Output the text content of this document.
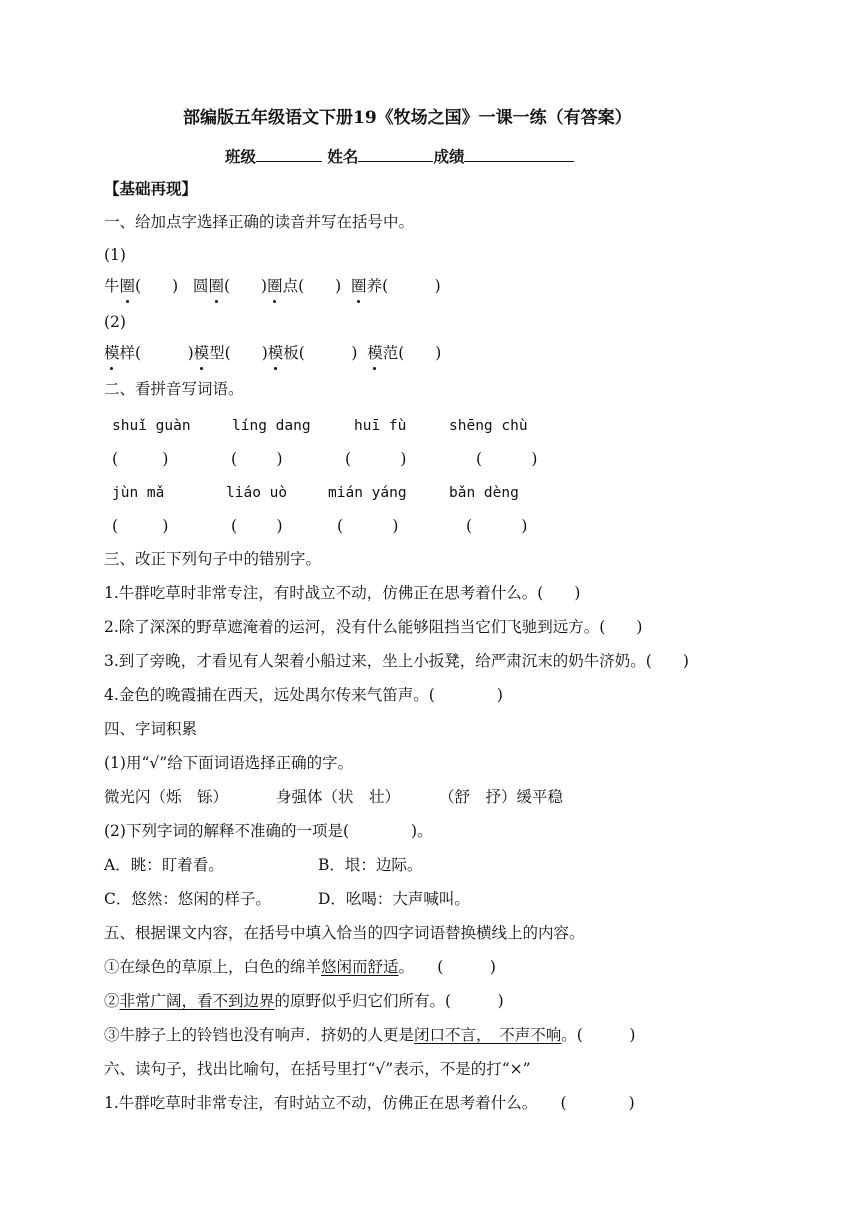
部编版五年级语文下册19《牧场之国》一课一练（有答案）
班级	姓名	成绩
【基础再现】
一、给加点字选择正确的读音并写在括号中。
(1)
牛圈(　　) 圆圈(　　)圈点(　　) 圈养(　　　)
(2)
模样(　　　)模型(　　)模板(　　　) 模范(　　)
二、看拼音写词语。
shuǐ guàn	líng dang	huī fù	shēng chù
(         )	(        )	(          )	(          )
jùn mǎ	liáo uò	mián yáng	bǎn dèng
(         )	(        )	(          )	(          )
三、改正下列句子中的错别字。
1.牛群吃草时非常专注，有时战立不动，仿佛正在思考着什么。(　　)
2.除了深深的野草遮淹着的运河，没有什么能够阻挡当它们飞驰到远方。(　　)
3.到了旁晚，才看见有人架着小船过来，坐上小扳凳，给严肃沉末的奶牛济奶。(　　)
4.金色的晚霞捕在西天，远处禺尔传来气笛声。(　　　　)
四、字词积累
(1)用“√”给下面词语选择正确的字。
微光闪（烁　铄）	身强体（状　壮）	（舒　抒）缓平稳
(2)下列字词的解释不准确的一项是(　　　　)。
A．眺：盯着看。	B．垠：边际。
C．悠然：悠闲的样子。	D．吆喝：大声喊叫。
五、根据课文内容，在括号中填入恰当的四字词语替换横线上的内容。
①在绿色的草原上，白色的绵羊悠闲而舒适。　　(　　　)
②非常广阔，看不到边界的原野似乎归它们所有。(　　　)
③牛脖子上的铃铛也没有响声．挤奶的人更是闭口不言，　不声不响。(　　　)
六、读句子，找出比喻句，在括号里打“√”表示，不是的打“×”
1.牛群吃草时非常专注，有时站立不动，仿佛正在思考着什么。　　(　　　　)
